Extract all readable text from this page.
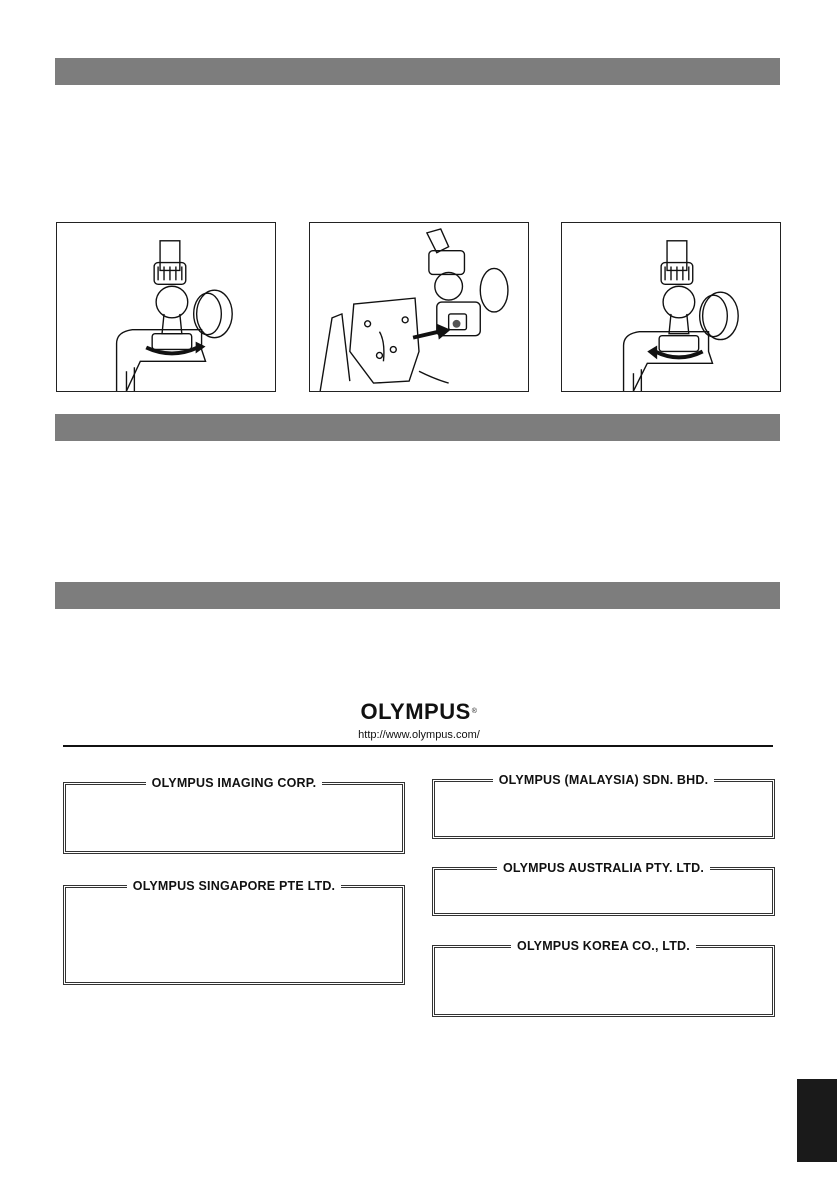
OLYMPUS®
http://www.olympus.com/
OLYMPUS IMAGING CORP.
OLYMPUS SINGAPORE PTE LTD.
OLYMPUS (MALAYSIA) SDN. BHD.
OLYMPUS AUSTRALIA PTY. LTD.
OLYMPUS KOREA CO., LTD.
